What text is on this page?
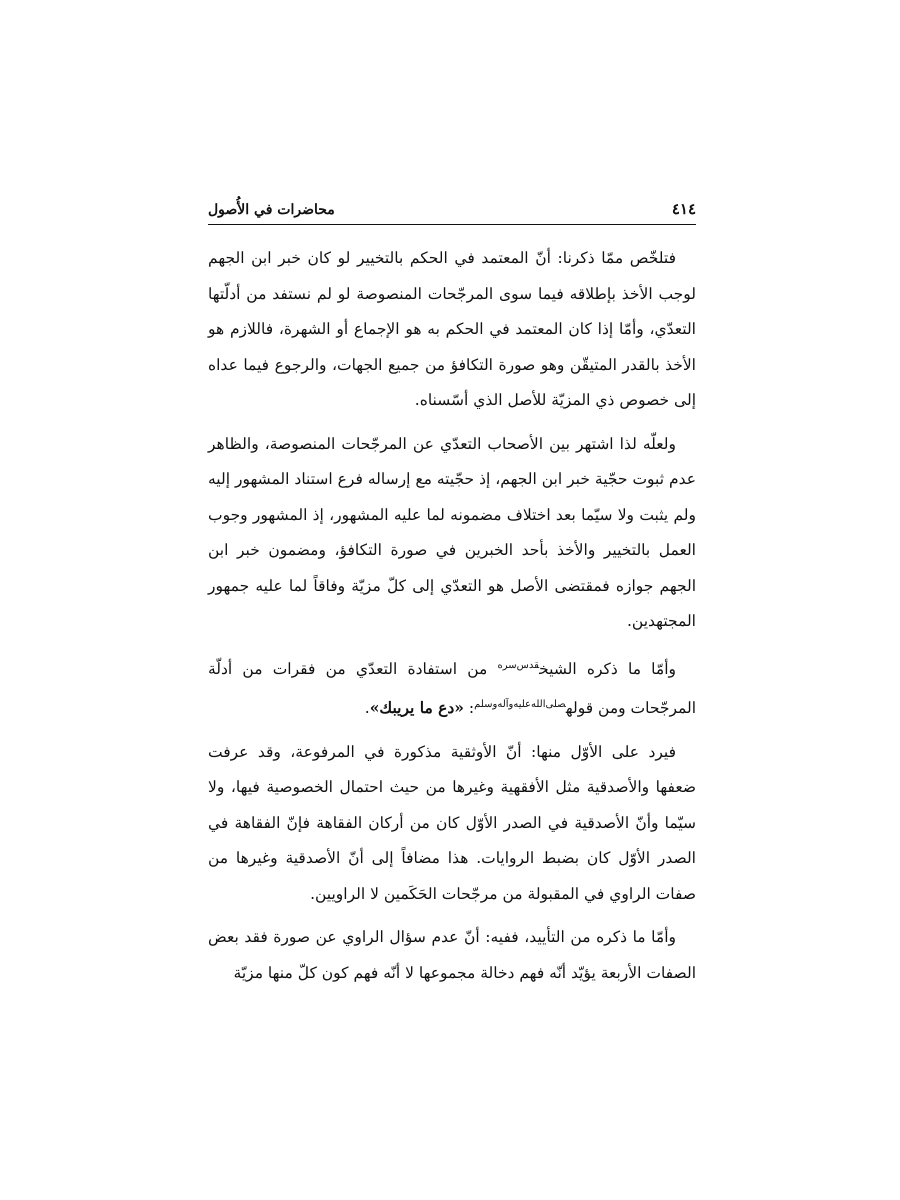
٤١٤
محاضرات في الأُصول

فتلخّص ممّا ذكرنا: أنّ المعتمد في الحكم بالتخيير لو كان خبر ابن الجهم لوجب الأخذ بإطلاقه فيما سوى المرجّحات المنصوصة لو لم نستفد من أدلّتها التعدّي، وأمّا إذا كان المعتمد في الحكم به هو الإجماع أو الشهرة، فاللازم هو الأخذ بالقدر المتيقّن وهو صورة التكافؤ من جميع الجهات، والرجوع فيما عداه إلى خصوص ذي المزيّة للأصل الذي أسّسناه.

ولعلّه لذا اشتهر بين الأصحاب التعدّي عن المرجّحات المنصوصة، والظاهر عدم ثبوت حجّية خبر ابن الجهم، إذ حجّيته مع إرساله فرع استناد المشهور إليه ولم يثبت ولا سيّما بعد اختلاف مضمونه لما عليه المشهور، إذ المشهور وجوب العمل بالتخيير والأخذ بأحد الخبرين في صورة التكافؤ، ومضمون خبر ابن الجهم جوازه فمقتضى الأصل هو التعدّي إلى كلّ مزيّة وفاقاً لما عليه جمهور المجتهدين.

وأمّا ما ذكره الشيخ$^{قدس‌سره}$ من استفادة التعدّي من فقرات من أدلّة المرجّحات ومن قوله$^{صلى‌الله‌عليه‌وآله‌وسلم}$: «دع ما يريبك».

فيرد على الأوّل منها: أنّ الأوثقية مذكورة في المرفوعة، وقد عرفت ضعفها والأصدقية مثل الأفقهية وغيرها من حيث احتمال الخصوصية فيها، ولا سيّما وأنّ الأصدقية في الصدر الأوّل كان من أركان الفقاهة فإنّ الفقاهة في الصدر الأوّل كان بضبط الروايات. هذا مضافاً إلى أنّ الأصدقية وغيرها من صفات الراوي في المقبولة من مرجّحات الحَكَمين لا الراويين.

وأمّا ما ذكره من التأييد، ففيه: أنّ عدم سؤال الراوي عن صورة فقد بعض الصفات الأربعة يؤيّد أنّه فهم دخالة مجموعها لا أنّه فهم كون كلّ منها مزيّة
